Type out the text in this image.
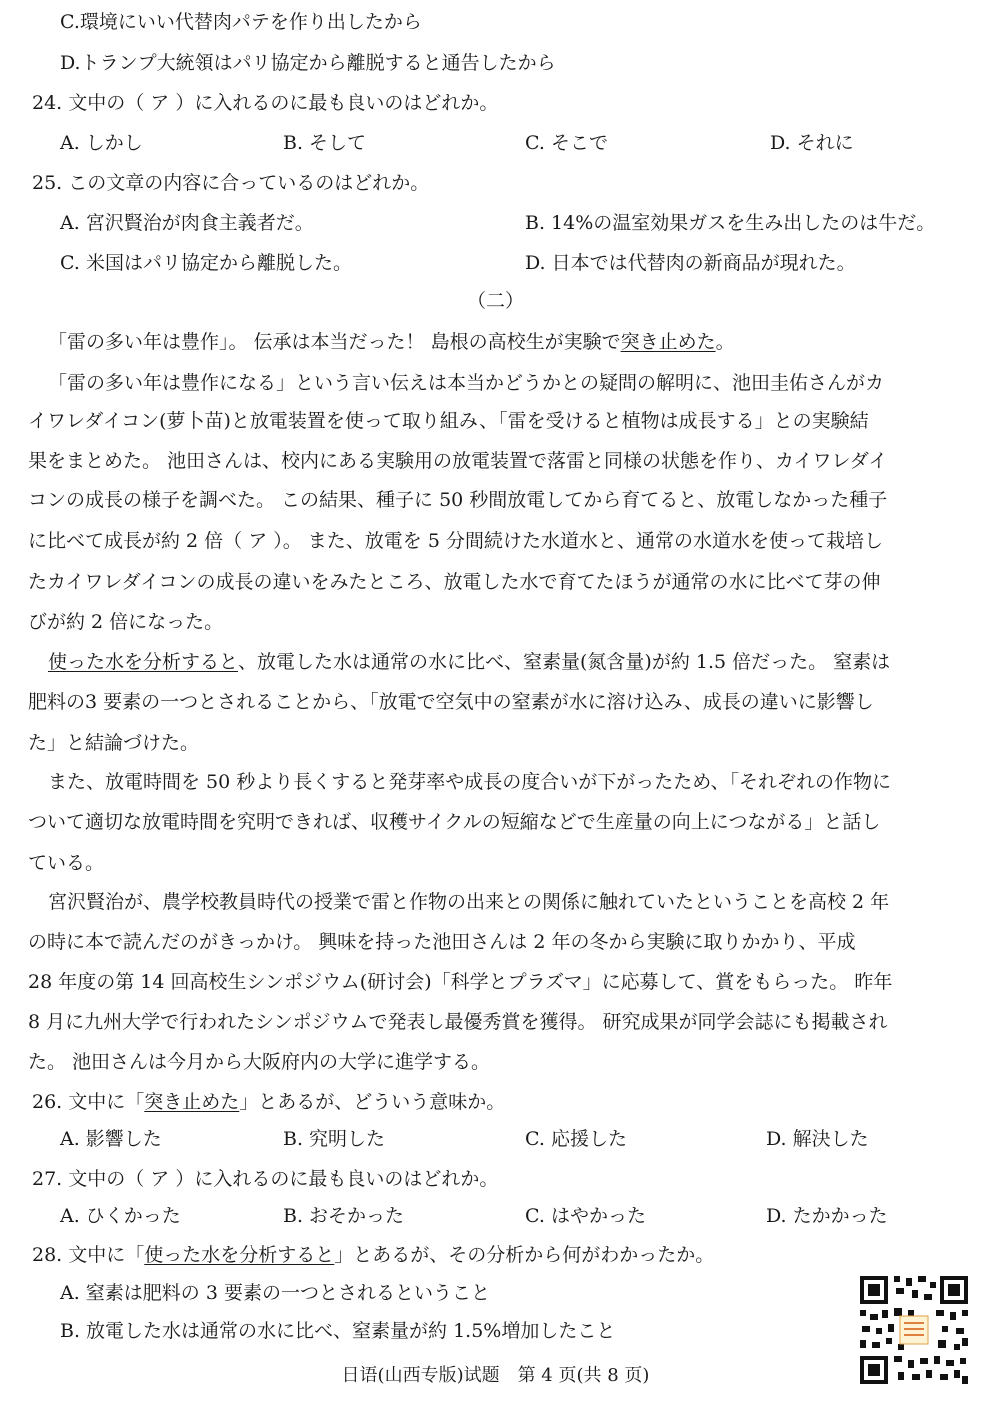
C.環境にいい代替肉パテを作り出したから
D.トランプ大統領はパリ協定から離脱すると通告したから
24. 文中の（ ア ）に入れるのに最も良いのはどれか。
A. しかし	B. そして	C. そこで	D. それに
25. この文章の内容に合っているのはどれか。
A. 宮沢賢治が肉食主義者だ。	B. 14%の温室効果ガスを生み出したのは牛だ。
C. 米国はパリ協定から離脱した。	D. 日本では代替肉の新商品が現れた。
（二）
「雷の多い年は豊作」。 伝承は本当だった！ 島根の高校生が実験で突き止めた。
「雷の多い年は豊作になる」という言い伝えは本当かどうかとの疑問の解明に、池田圭佑さんがカ
イワレダイコン(萝卜苗)と放電装置を使って取り組み、「雷を受けると植物は成長する」との実験結
果をまとめた。 池田さんは、校内にある実験用の放電装置で落雷と同様の状態を作り、カイワレダイ
コンの成長の様子を調べた。 この結果、種子に 50 秒間放電してから育てると、放電しなかった種子
に比べて成長が約 2 倍（ ア ）。 また、放電を 5 分間続けた水道水と、通常の水道水を使って栽培し
たカイワレダイコンの成長の違いをみたところ、放電した水で育てたほうが通常の水に比べて芽の伸
びが約 2 倍になった。
使った水を分析すると、放電した水は通常の水に比べ、窒素量(氮含量)が約 1.5 倍だった。 窒素は
肥料の3 要素の一つとされることから、「放電で空気中の窒素が水に溶け込み、成長の違いに影響し
た」と結論づけた。
また、放電時間を 50 秒より長くすると発芽率や成長の度合いが下がったため、「それぞれの作物に
ついて適切な放電時間を究明できれば、収穫サイクルの短縮などで生産量の向上につながる」と話し
ている。
宮沢賢治が、農学校教員時代の授業で雷と作物の出来との関係に触れていたということを高校 2 年
の時に本で読んだのがきっかけ。 興味を持った池田さんは 2 年の冬から実験に取りかかり、平成
28 年度の第 14 回高校生シンポジウム(研讨会)「科学とプラズマ」に応募して、賞をもらった。 昨年
8 月に九州大学で行われたシンポジウムで発表し最優秀賞を獲得。 研究成果が同学会誌にも掲載され
た。 池田さんは今月から大阪府内の大学に進学する。
26. 文中に「突き止めた」とあるが、どういう意味か。
A. 影響した	B. 究明した	C. 応援した	D. 解決した
27. 文中の（ ア ）に入れるのに最も良いのはどれか。
A. ひくかった	B. おそかった	C. はやかった	D. たかかった
28. 文中に「使った水を分析すると」とあるが、その分析から何がわかったか。
A. 窒素は肥料の 3 要素の一つとされるということ
B. 放電した水は通常の水に比べ、窒素量が約 1.5%増加したこと
日语(山西专版)试题　第 4 页(共 8 页)
